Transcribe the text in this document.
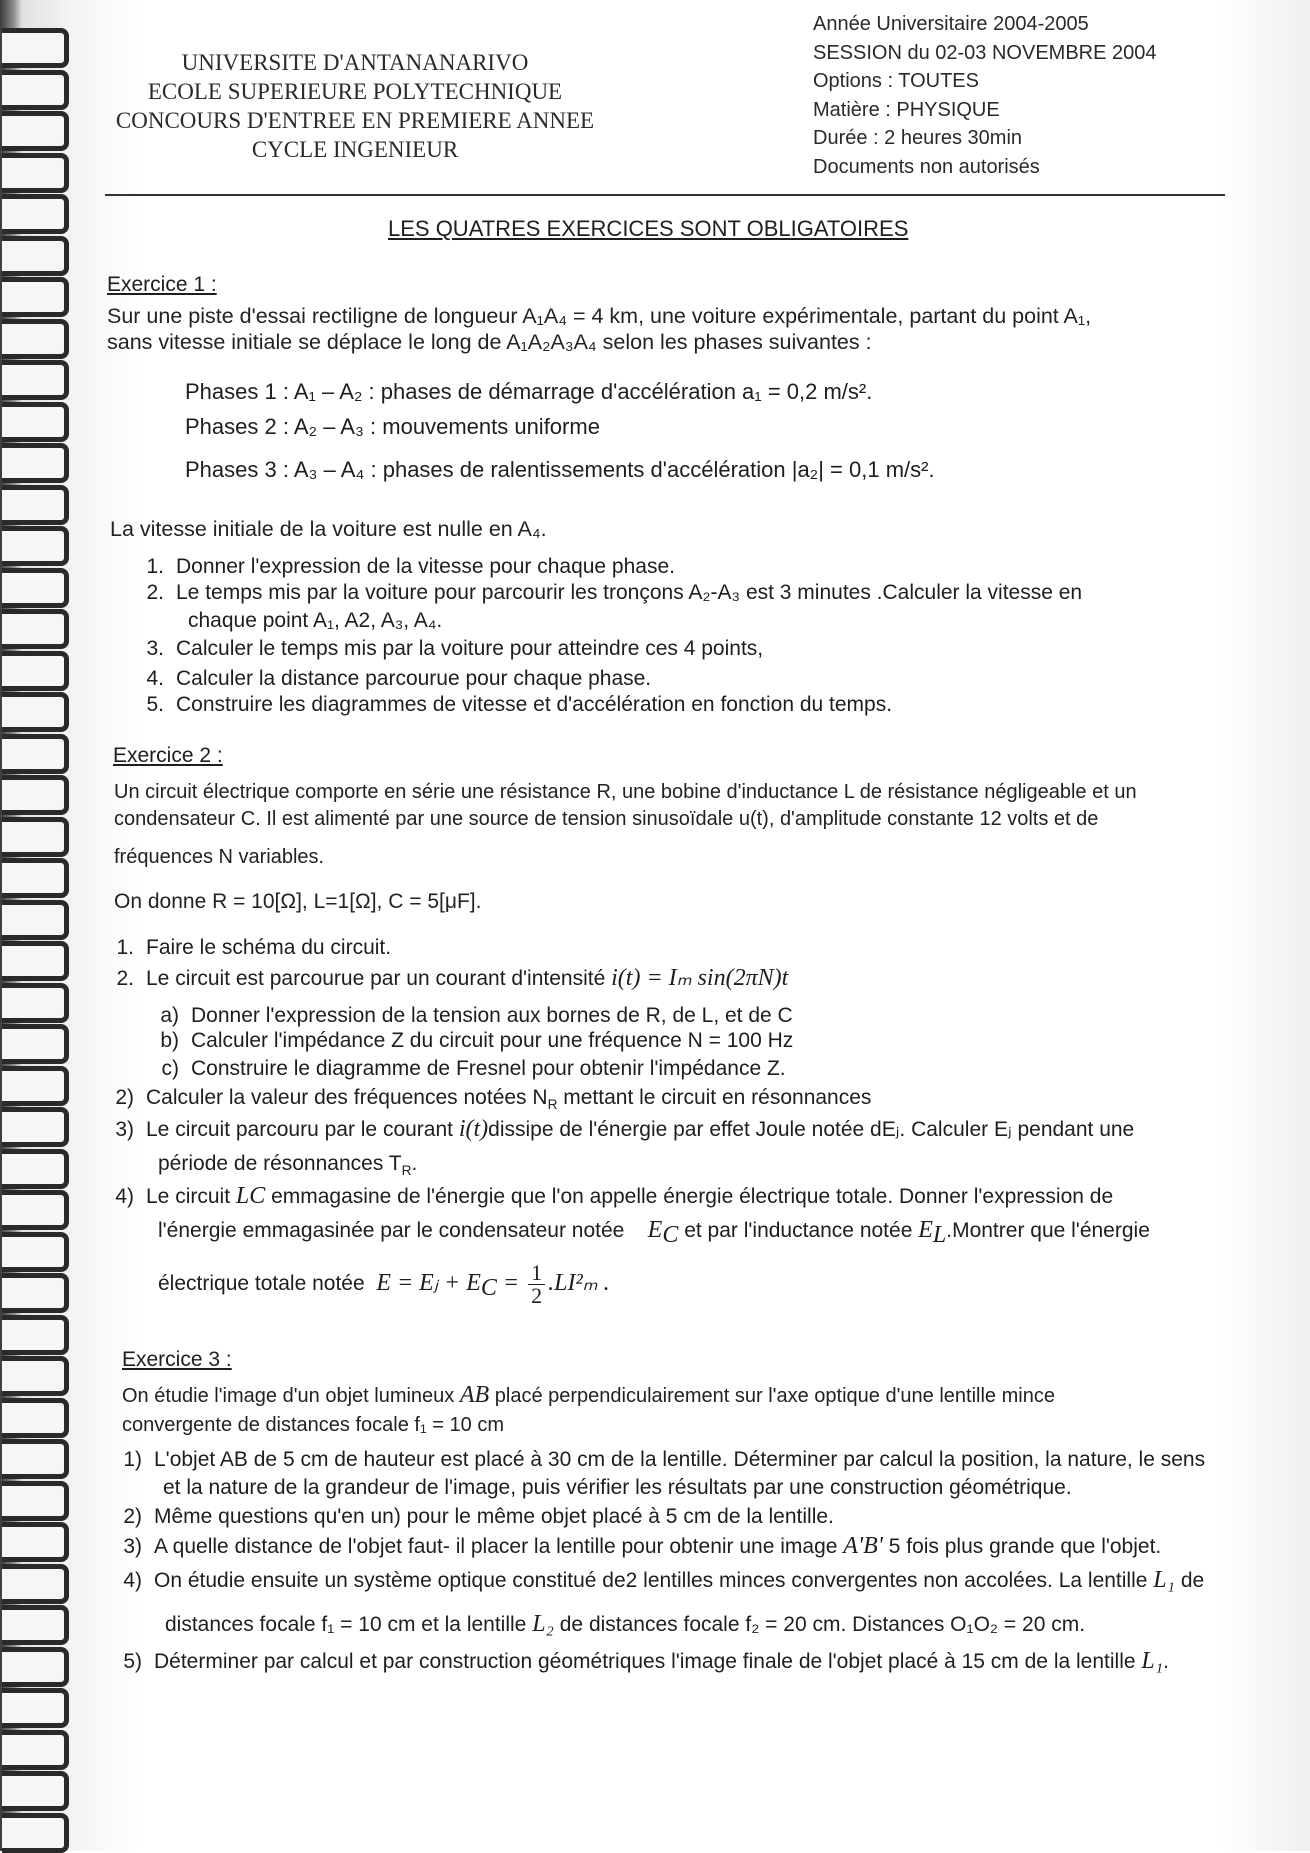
UNIVERSITE D'ANTANANARIVO
ECOLE SUPERIEURE POLYTECHNIQUE
CONCOURS D'ENTREE EN PREMIERE ANNEE
CYCLE INGENIEUR
Année Universitaire 2004-2005
SESSION du 02-03 NOVEMBRE 2004
Options : TOUTES
Matière : PHYSIQUE
Durée : 2 heures 30min
Documents non autorisés
LES QUATRES EXERCICES SONT OBLIGATOIRES
Exercice 1 :
Sur une piste d'essai rectiligne de longueur A₁A₄ = 4 km, une voiture expérimentale, partant du point A₁,
sans vitesse initiale se déplace le long de A₁A₂A₃A₄ selon les phases suivantes :
Phases 1 : A₁ – A₂ : phases de démarrage d'accélération a₁ = 0,2 m/s².
Phases 2 : A₂ – A₃ : mouvements uniforme
Phases 3 : A₃ – A₄ : phases de ralentissements d'accélération |a₂| = 0,1 m/s².
La vitesse initiale de la voiture est nulle en A₄.
1. Donner l'expression de la vitesse pour chaque phase.
2. Le temps mis par la voiture pour parcourir les tronçons A₂-A₃ est 3 minutes .Calculer la vitesse en
chaque point A₁, A2, A₃, A₄.
3. Calculer le temps mis par la voiture pour atteindre ces 4 points,
4. Calculer la distance parcourue pour chaque phase.
5. Construire les diagrammes de vitesse et d'accélération en fonction du temps.
Exercice 2 :
Un circuit électrique comporte en série une résistance R, une bobine d'inductance L de résistance négligeable et un
condensateur C. Il est alimenté par une source de tension sinusoïdale u(t), d'amplitude constante 12 volts et de
fréquences N variables.
On donne R = 10[Ω], L=1[Ω], C = 5[μF].
1. Faire le schéma du circuit.
2. Le circuit est parcourue par un courant d'intensité i(t) = Iₘ sin(2πN)t
a) Donner l'expression de la tension aux bornes de R, de L, et de C
b) Calculer l'impédance Z du circuit pour une fréquence N = 100 Hz
c) Construire le diagramme de Fresnel pour obtenir l'impédance Z.
2) Calculer la valeur des fréquences notées $N_R$ mettant le circuit en résonnances
3) Le circuit parcouru par le courant i(t)dissipe de l'énergie par effet Joule notée dEⱼ. Calculer Eⱼ pendant une
période de résonnances $T_R$.
4) Le circuit LC emmagasine de l'énergie que l'on appelle énergie électrique totale. Donner l'expression de
l'énergie emmagasinée par le condensateur notée $E_C$ et par l'inductance notée $E_L.Montrer$ que l'énergie
électrique totale notée E = Eⱼ + $E_C = \frac{1}{2} .LI^2_m$ .
Exercice 3 :
On étudie l'image d'un objet lumineux AB placé perpendiculairement sur l'axe optique d'une lentille mince
convergente de distances focale f₁ = 10 cm
1) L'objet AB de 5 cm de hauteur est placé à 30 cm de la lentille. Déterminer par calcul la position, la nature, le sens
et la nature de la grandeur de l'image, puis vérifier les résultats par une construction géométrique.
2) Même questions qu'en un) pour le même objet placé à 5 cm de la lentille.
3) A quelle distance de l'objet faut- il placer la lentille pour obtenir une image A'B' 5 fois plus grande que l'objet.
4) On étudie ensuite un système optique constitué de2 lentilles minces convergentes non accolées. La lentille L₁ de
distances focale f₁ = 10 cm et la lentille L₂ de distances focale f₂ = 20 cm. Distances O₁O₂ = 20 cm.
5) Déterminer par calcul et par construction géométriques l'image finale de l'objet placé à 15 cm de la lentille L₁.
